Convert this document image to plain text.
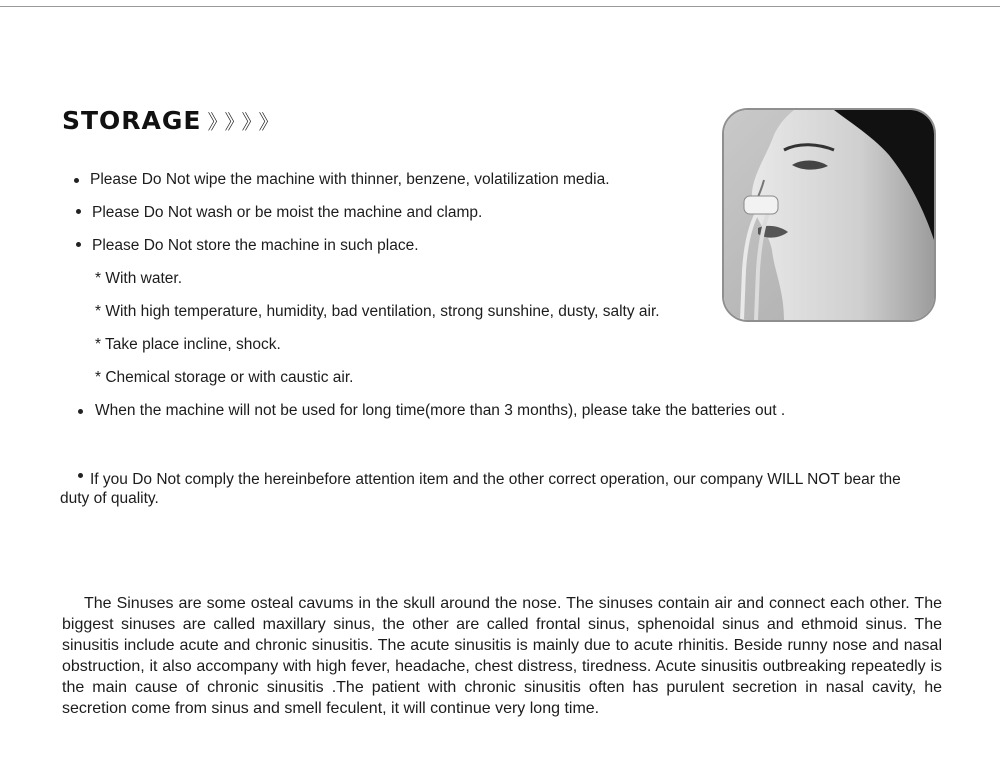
STORAGE 》》》》
Please Do Not wipe the machine with thinner, benzene, volatilization media.
Please Do Not wash or be moist the machine and clamp.
Please Do Not store the machine in such place.
* With water.
* With high temperature, humidity, bad ventilation, strong sunshine, dusty, salty air.
* Take place incline, shock.
* Chemical storage or with caustic air.
When the machine will not be used for long time(more than 3 months), please take the batteries out .
If you Do Not comply the hereinbefore attention item and the other correct operation, our company WILL NOT bear the duty of quality.
The Sinuses are some osteal cavums in the skull around the nose. The sinuses contain air and connect each other. The biggest sinuses are called maxillary sinus, the other are called frontal sinus, sphenoidal sinus and ethmoid sinus. The sinusitis include acute and chronic sinusitis. The acute sinusitis is mainly due to acute rhinitis. Beside runny nose and nasal obstruction, it also accompany with high fever, headache, chest distress, tiredness. Acute sinusitis outbreaking repeatedly is the main cause of chronic sinusitis .The patient with chronic sinusitis often has purulent secretion in nasal cavity, he secretion come from sinus and smell feculent, it will continue very long time.
